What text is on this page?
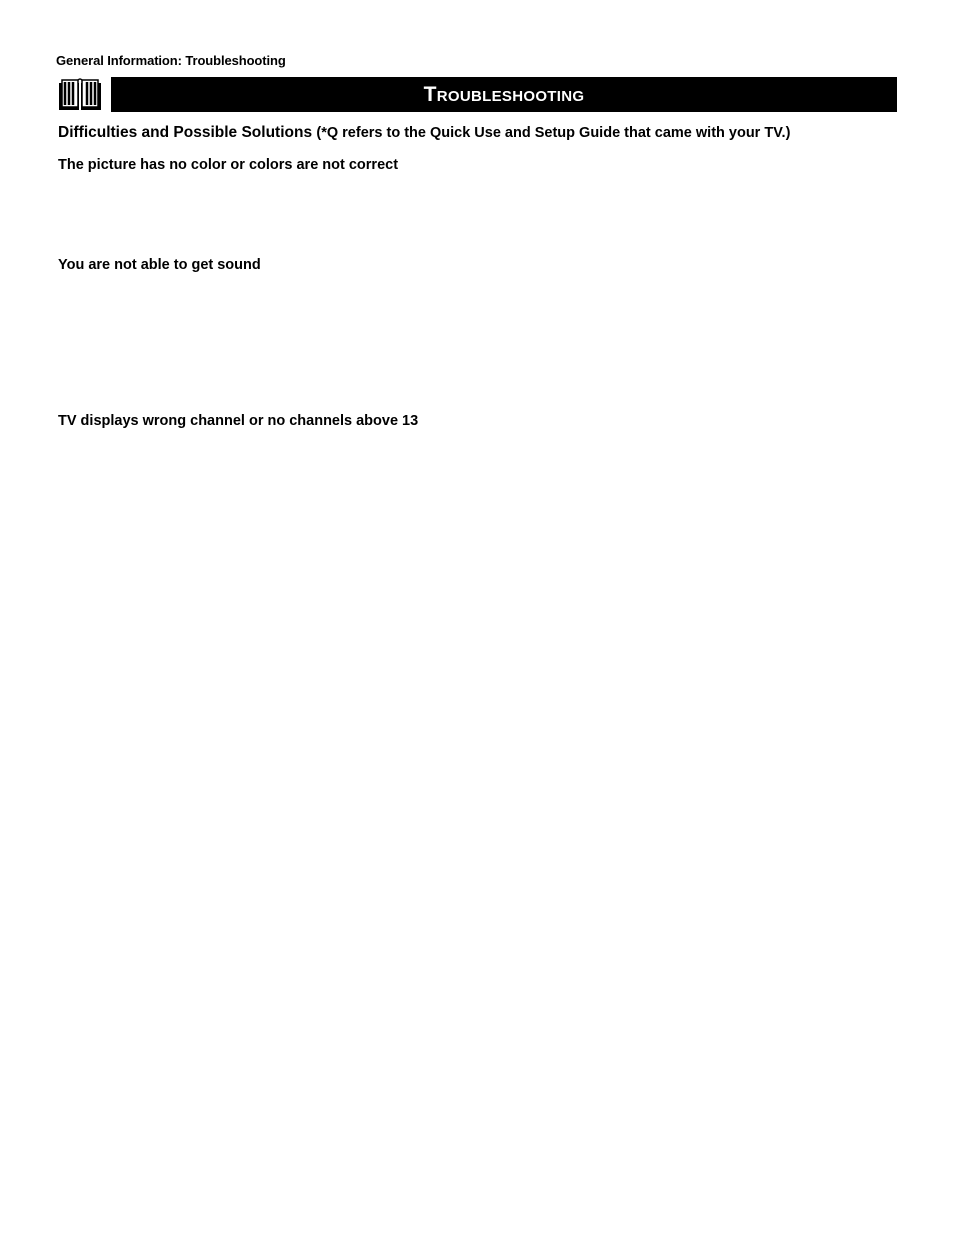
General Information: Troubleshooting
Troubleshooting
Difficulties and Possible Solutions (*Q refers to the Quick Use and Setup Guide that came with your TV.)
The picture has no color or colors are not correct
You are not able to get sound
TV displays wrong channel or no channels above 13
